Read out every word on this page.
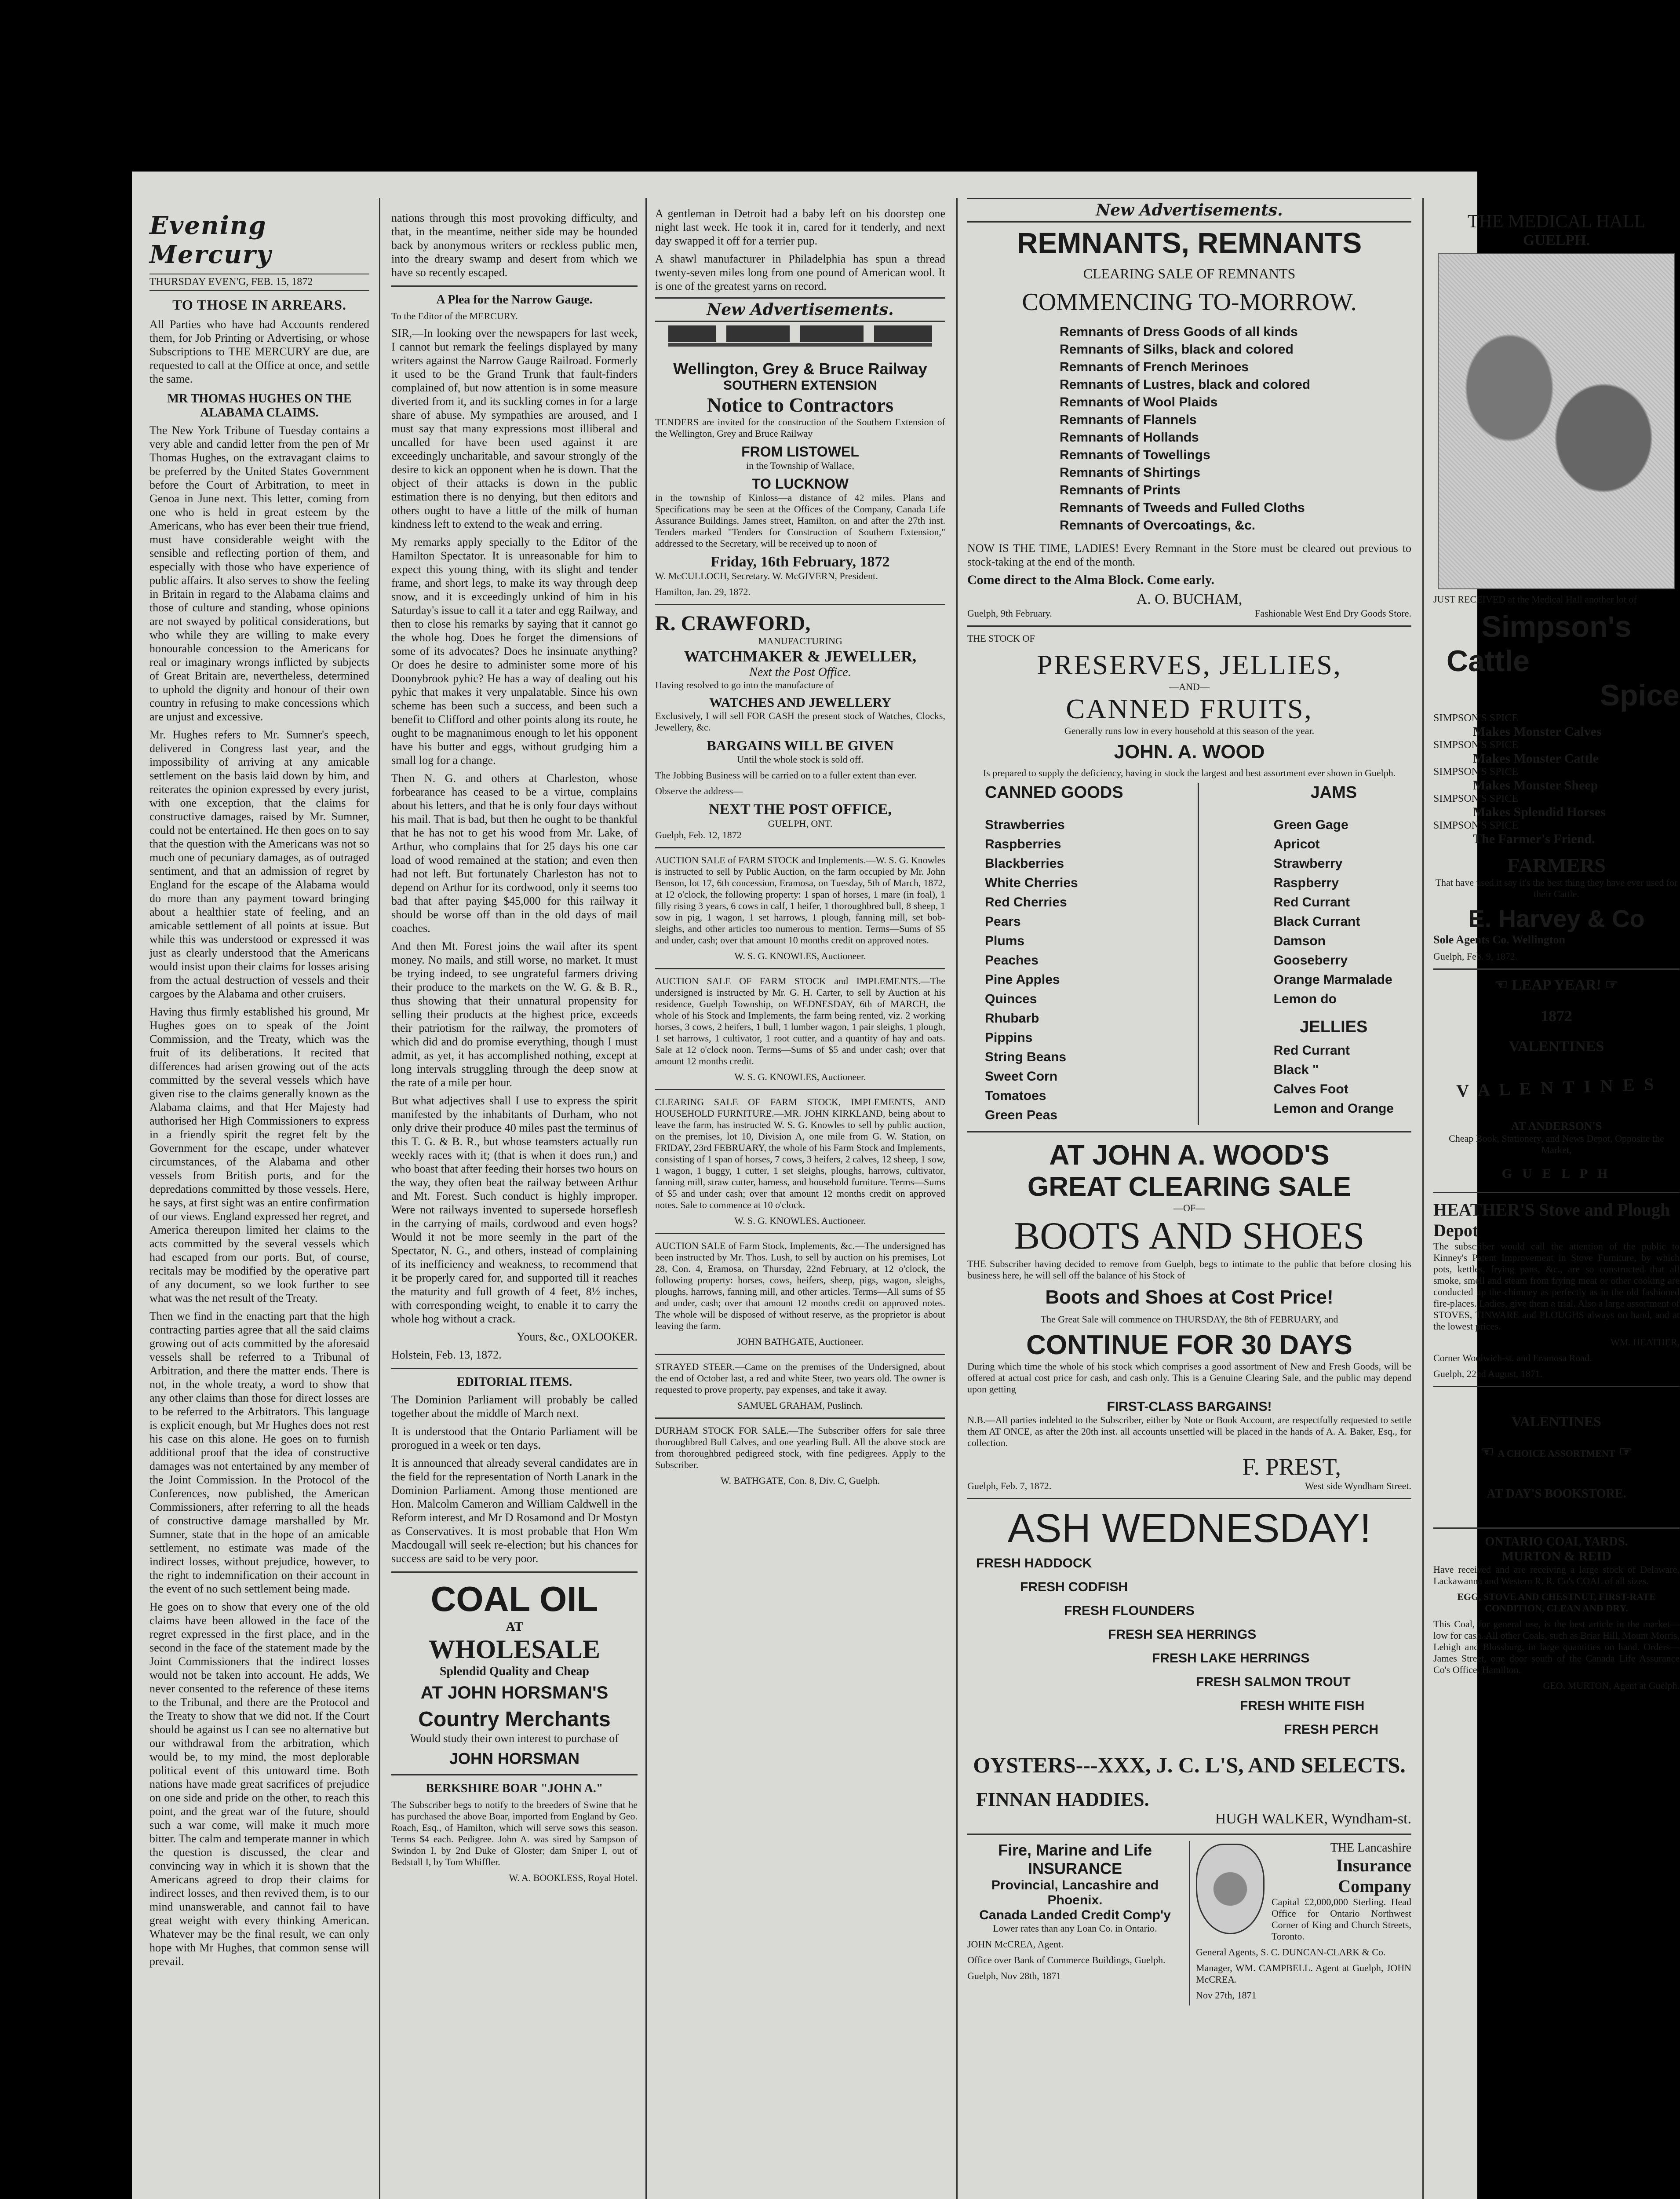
Evening Mercury
THURSDAY EVEN'G, FEB. 15, 1872
TO THOSE IN ARREARS.

All Parties who have had Accounts rendered them, for Job Printing or Advertising, or whose Subscriptions to THE MERCURY are due, are requested to call at the Office at once, and settle the same.

MR THOMAS HUGHES ON THE ALABAMA CLAIMS.

The New York Tribune of Tuesday contains a very able and candid letter from the pen of Mr Thomas Hughes, on the extravagant claims to be preferred by the United States Government before the Court of Arbitration, to meet in Genoa in June next. This letter, coming from one who is held in great esteem by the Americans, who has ever been their true friend, must have considerable weight with the sensible and reflecting portion of them, and especially with those who have experience of public affairs. It also serves to show the feeling in Britain in regard to the Alabama claims and those of culture and standing, whose opinions are not swayed by political considerations, but who while they are willing to make every honourable concession to the Americans for real or imaginary wrongs inflicted by subjects of Great Britain are, nevertheless, determined to uphold the dignity and honour of their own country in refusing to make concessions which are unjust and excessive.

Mr. Hughes refers to Mr. Sumner's speech, delivered in Congress last year, and the impossibility of arriving at any amicable settlement on the basis laid down by him, and reiterates the opinion expressed by every jurist, with one exception, that the claims for constructive damages, raised by Mr. Sumner, could not be entertained. He then goes on to say that the question with the Americans was not so much one of pecuniary damages, as of outraged sentiment, and that an admission of regret by England for the escape of the Alabama would do more than any payment toward bringing about a healthier state of feeling, and an amicable settlement of all points at issue. But while this was understood or expressed it was just as clearly understood that the Americans would insist upon their claims for losses arising from the actual destruction of vessels and their cargoes by the Alabama and other cruisers.

Having thus firmly established his ground, Mr Hughes goes on to speak of the Joint Commission, and the Treaty, which was the fruit of its deliberations. It recited that differences had arisen growing out of the acts committed by the several vessels which have given rise to the claims generally known as the Alabama claims, and that Her Majesty had authorised her High Commissioners to express in a friendly spirit the regret felt by the Government for the escape, under whatever circumstances, of the Alabama and other vessels from British ports, and for the depredations committed by those vessels. Here, he says, at first sight was an entire confirmation of our views. England expressed her regret, and America thereupon limited her claims to the acts committed by the several vessels which had escaped from our ports. But, of course, recitals may be modified by the operative part of any document, so we look further to see what was the net result of the Treaty.

Then we find in the enacting part that the high contracting parties agree that all the said claims growing out of acts committed by the aforesaid vessels shall be referred to a Tribunal of Arbitration, and there the matter ends. There is not, in the whole treaty, a word to show that any other claims than those for direct losses are to be referred to the Arbitrators. This language is explicit enough, but Mr Hughes does not rest his case on this alone. He goes on to furnish additional proof that the idea of constructive damages was not entertained by any member of the Joint Commission. In the Protocol of the Conferences, now published, the American Commissioners, after referring to all the heads of constructive damage marshalled by Mr. Sumner, state that in the hope of an amicable settlement, no estimate was made of the indirect losses, without prejudice, however, to the right to indemnification on their account in the event of no such settlement being made.

He goes on to show that every one of the old claims have been allowed in the face of the regret expressed in the first place, and in the second in the face of the statement made by the Joint Commissioners that the indirect losses would not be taken into account. He adds, We never consented to the reference of these items to the Tribunal, and there are the Protocol and the Treaty to show that we did not. If the Court should be against us I can see no alternative but our withdrawal from the arbitration, which would be, to my mind, the most deplorable political event of this untoward time. Both nations have made great sacrifices of prejudice on one side and pride on the other, to reach this point, and the great war of the future, should such a war come, will make it much more bitter. The calm and temperate manner in which the question is discussed, the clear and convincing way in which it is shown that the Americans agreed to drop their claims for indirect losses, and then revived them, is to our mind unanswerable, and cannot fail to have great weight with every thinking American. Whatever may be the final result, we can only hope with Mr Hughes, that common sense will prevail.

nations through this most provoking difficulty, and that, in the meantime, neither side may be hounded back by anonymous writers or reckless public men, into the dreary swamp and desert from which we have so recently escaped.

A Plea for the Narrow Gauge.

To the Editor of the MERCURY.

SIR,—In looking over the newspapers for last week, I cannot but remark the feelings displayed by many writers against the Narrow Gauge Railroad. Formerly it used to be the Grand Trunk that fault-finders complained of, but now attention is in some measure diverted from it, and its suckling comes in for a large share of abuse. My sympathies are aroused, and I must say that many expressions most illiberal and uncalled for have been used against it are exceedingly uncharitable, and savour strongly of the desire to kick an opponent when he is down. That the object of their attacks is down in the public estimation there is no denying, but then editors and others ought to have a little of the milk of human kindness left to extend to the weak and erring.

My remarks apply specially to the Editor of the Hamilton Spectator. It is unreasonable for him to expect this young thing, with its slight and tender frame, and short legs, to make its way through deep snow, and it is exceedingly unkind of him in his Saturday's issue to call it a tater and egg Railway, and then to close his remarks by saying that it cannot go the whole hog. Does he forget the dimensions of some of its advocates? Does he insinuate anything? Or does he desire to administer some more of his Doonybrook pyhic? He has a way of dealing out his pyhic that makes it very unpalatable. Since his own scheme has been such a success, and been such a benefit to Clifford and other points along its route, he ought to be magnanimous enough to let his opponent have his butter and eggs, without grudging him a small log for a change.

Then N. G. and others at Charleston, whose forbearance has ceased to be a virtue, complains about his letters, and that he is only four days without his mail. That is bad, but then he ought to be thankful that he has not to get his wood from Mr. Lake, of Arthur, who complains that for 25 days his one car load of wood remained at the station; and even then had not left. But fortunately Charleston has not to depend on Arthur for its cordwood, only it seems too bad that after paying $45,000 for this railway it should be worse off than in the old days of mail coaches.

And then Mt. Forest joins the wail after its spent money. No mails, and still worse, no market. It must be trying indeed, to see ungrateful farmers driving their produce to the markets on the W. G. & B. R., thus showing that their unnatural propensity for selling their products at the highest price, exceeds their patriotism for the railway, the promoters of which did and do promise everything, though I must admit, as yet, it has accomplished nothing, except at long intervals struggling through the deep snow at the rate of a mile per hour.

But what adjectives shall I use to express the spirit manifested by the inhabitants of Durham, who not only drive their produce 40 miles past the terminus of this T. G. & B. R., but whose teamsters actually run weekly races with it; (that is when it does run,) and who boast that after feeding their horses two hours on the way, they often beat the railway between Arthur and Mt. Forest. Such conduct is highly improper. Were not railways invented to supersede horseflesh in the carrying of mails, cordwood and even hogs? Would it not be more seemly in the part of the Spectator, N. G., and others, instead of complaining of its inefficiency and weakness, to recommend that it be properly cared for, and supported till it reaches the maturity and full growth of 4 feet, 8½ inches, with corresponding weight, to enable it to carry the whole hog without a crack.

Yours, &c., OXLOOKER.

Holstein, Feb. 13, 1872.

EDITORIAL ITEMS.

The Dominion Parliament will probably be called together about the middle of March next.

It is understood that the Ontario Parliament will be prorogued in a week or ten days.

It is announced that already several candidates are in the field for the representation of North Lanark in the Dominion Parliament. Among those mentioned are Hon. Malcolm Cameron and William Caldwell in the Reform interest, and Mr D Rosamond and Dr Mostyn as Conservatives. It is most probable that Hon Wm Macdougall will seek re-election; but his chances for success are said to be very poor.

COAL OIL
AT
WHOLESALE
Splendid Quality and Cheap
AT JOHN HORSMAN'S
Country Merchants

Would study their own interest to purchase of

JOHN HORSMAN
BERKSHIRE BOAR "JOHN A."

The Subscriber begs to notify to the breeders of Swine that he has purchased the above Boar, imported from England by Geo. Roach, Esq., of Hamilton, which will serve sows this season. Terms $4 each. Pedigree. John A. was sired by Sampson of Swindon I, by 2nd Duke of Gloster; dam Sniper I, out of Bedstall I, by Tom Whiffler.

W. A. BOOKLESS, Royal Hotel.

A gentleman in Detroit had a baby left on his doorstep one night last week. He took it in, cared for it tenderly, and next day swapped it off for a terrier pup.

A shawl manufacturer in Philadelphia has spun a thread twenty-seven miles long from one pound of American wool. It is one of the greatest yarns on record.

New Advertisements.
Wellington, Grey & Bruce Railway
SOUTHERN EXTENSION
Notice to Contractors

TENDERS are invited for the construction of the Southern Extension of the Wellington, Grey and Bruce Railway

FROM LISTOWEL

in the Township of Wallace,

TO LUCKNOW

in the township of Kinloss—a distance of 42 miles. Plans and Specifications may be seen at the Offices of the Company, Canada Life Assurance Buildings, James street, Hamilton, on and after the 27th inst. Tenders marked "Tenders for Construction of Southern Extension," addressed to the Secretary, will be received up to noon of

Friday, 16th February, 1872

W. McCULLOCH, Secretary. W. McGIVERN, President.

Hamilton, Jan. 29, 1872.

R. CRAWFORD,
MANUFACTURING
WATCHMAKER & JEWELLER,
Next the Post Office.

Having resolved to go into the manufacture of

WATCHES AND JEWELLERY

Exclusively, I will sell FOR CASH the present stock of Watches, Clocks, Jewellery, &c.

BARGAINS WILL BE GIVEN

Until the whole stock is sold off.

The Jobbing Business will be carried on to a fuller extent than ever.

Observe the address—

NEXT THE POST OFFICE,
GUELPH, ONT.

Guelph, Feb. 12, 1872

AUCTION SALE of FARM STOCK and Implements.—W. S. G. Knowles is instructed to sell by Public Auction, on the farm occupied by Mr. John Benson, lot 17, 6th concession, Eramosa, on Tuesday, 5th of March, 1872, at 12 o'clock, the following property: 1 span of horses, 1 mare (in foal), 1 filly rising 3 years, 6 cows in calf, 1 heifer, 1 thoroughbred bull, 8 sheep, 1 sow in pig, 1 wagon, 1 set harrows, 1 plough, fanning mill, set bob-sleighs, and other articles too numerous to mention. Terms—Sums of $5 and under, cash; over that amount 10 months credit on approved notes.

W. S. G. KNOWLES, Auctioneer.

AUCTION SALE OF FARM STOCK and IMPLEMENTS.—The undersigned is instructed by Mr. G. H. Carter, to sell by Auction at his residence, Guelph Township, on WEDNESDAY, 6th of MARCH, the whole of his Stock and Implements, the farm being rented, viz. 2 working horses, 3 cows, 2 heifers, 1 bull, 1 lumber wagon, 1 pair sleighs, 1 plough, 1 set harrows, 1 cultivator, 1 root cutter, and a quantity of hay and oats. Sale at 12 o'clock noon. Terms—Sums of $5 and under cash; over that amount 12 months credit.

W. S. G. KNOWLES, Auctioneer.

CLEARING SALE OF FARM STOCK, IMPLEMENTS, AND HOUSEHOLD FURNITURE.—MR. JOHN KIRKLAND, being about to leave the farm, has instructed W. S. G. Knowles to sell by public auction, on the premises, lot 10, Division A, one mile from G. W. Station, on FRIDAY, 23rd FEBRUARY, the whole of his Farm Stock and Implements, consisting of 1 span of horses, 7 cows, 3 heifers, 2 calves, 12 sheep, 1 sow, 1 wagon, 1 buggy, 1 cutter, 1 set sleighs, ploughs, harrows, cultivator, fanning mill, straw cutter, harness, and household furniture. Terms—Sums of $5 and under cash; over that amount 12 months credit on approved notes. Sale to commence at 10 o'clock.

W. S. G. KNOWLES, Auctioneer.

AUCTION SALE of Farm Stock, Implements, &c.—The undersigned has been instructed by Mr. Thos. Lush, to sell by auction on his premises, Lot 28, Con. 4, Eramosa, on Thursday, 22nd February, at 12 o'clock, the following property: horses, cows, heifers, sheep, pigs, wagon, sleighs, ploughs, harrows, fanning mill, and other articles. Terms—All sums of $5 and under, cash; over that amount 12 months credit on approved notes. The whole will be disposed of without reserve, as the proprietor is about leaving the farm.

JOHN BATHGATE, Auctioneer.

STRAYED STEER.—Came on the premises of the Undersigned, about the end of October last, a red and white Steer, two years old. The owner is requested to prove property, pay expenses, and take it away.

SAMUEL GRAHAM, Puslinch.

DURHAM STOCK FOR SALE.—The Subscriber offers for sale three thoroughbred Bull Calves, and one yearling Bull. All the above stock are from thoroughbred pedigreed stock, with fine pedigrees. Apply to the Subscriber.

W. BATHGATE, Con. 8, Div. C, Guelph.

New Advertisements.
REMNANTS, REMNANTS
CLEARING SALE OF REMNANTS
COMMENCING TO-MORROW.
Remnants of Dress Goods of all kinds
Remnants of Silks, black and colored
Remnants of French Merinoes
Remnants of Lustres, black and colored
Remnants of Wool Plaids
Remnants of Flannels
Remnants of Hollands
Remnants of Towellings
Remnants of Shirtings
Remnants of Prints
Remnants of Tweeds and Fulled Cloths
Remnants of Overcoatings, &c.

NOW IS THE TIME, LADIES! Every Remnant in the Store must be cleared out previous to stock-taking at the end of the month.

Come direct to the Alma Block. Come early.

A. O. BUCHAM,
Guelph, 9th February.	Fashionable West End Dry Goods Store.

THE STOCK OF

PRESERVES, JELLIES,
—AND—
CANNED FRUITS,

Generally runs low in every household at this season of the year.

JOHN. A. WOOD

Is prepared to supply the deficiency, having in stock the largest and best assortment ever shown in Guelph.

CANNED GOODS
Strawberries
Raspberries
Blackberries
White Cherries
Red Cherries
Pears
Plums
Peaches
Pine Apples
Quinces
Rhubarb
Pippins
String Beans
Sweet Corn
Tomatoes
Green Peas
JAMS
Green Gage
Apricot
Strawberry
Raspberry
Red Currant
Black Currant
Damson
Gooseberry
Orange Marmalade
Lemon do
JELLIES
Red Currant
Black "
Calves Foot
Lemon and Orange
AT JOHN A. WOOD'S
GREAT CLEARING SALE
—OF—
BOOTS AND SHOES

THE Subscriber having decided to remove from Guelph, begs to intimate to the public that before closing his business here, he will sell off the balance of his Stock of

Boots and Shoes at Cost Price!

The Great Sale will commence on THURSDAY, the 8th of FEBRUARY, and

CONTINUE FOR 30 DAYS

During which time the whole of his stock which comprises a good assortment of New and Fresh Goods, will be offered at actual cost price for cash, and cash only. This is a Genuine Clearing Sale, and the public may depend upon getting

FIRST-CLASS BARGAINS!

N.B.—All parties indebted to the Subscriber, either by Note or Book Account, are respectfully requested to settle them AT ONCE, as after the 20th inst. all accounts unsettled will be placed in the hands of A. A. Baker, Esq., for collection.

F. PREST,
Guelph, Feb. 7, 1872.	West side Wyndham Street.
ASH WEDNESDAY!
FRESH HADDOCK
FRESH CODFISH
FRESH FLOUNDERS
FRESH SEA HERRINGS
FRESH LAKE HERRINGS
FRESH SALMON TROUT
FRESH WHITE FISH
FRESH PERCH
OYSTERS---XXX, J. C. L'S, AND SELECTS.
FINNAN HADDIES.
HUGH WALKER, Wyndham-st.
Fire, Marine and Life INSURANCE
Provincial, Lancashire and Phoenix.
Canada Landed Credit Comp'y

Lower rates than any Loan Co. in Ontario.

JOHN McCREA, Agent.

Office over Bank of Commerce Buildings, Guelph.

Guelph, Nov 28th, 1871

THE Lancashire
Insurance Company

Capital £2,000,000 Sterling. Head Office for Ontario Northwest Corner of King and Church Streets, Toronto.

General Agents, S. C. DUNCAN-CLARK & Co.

Manager, WM. CAMPBELL. Agent at Guelph, JOHN McCREA.

Nov 27th, 1871

THE MEDICAL HALL
GUELPH.

JUST RECEIVED at the Medical Hall another lot of

Simpson's
Cattle
Spice
SIMPSON'S SPICE
Makes Monster Calves
SIMPSON'S SPICE
Makes Monster Cattle
SIMPSON'S SPICE
Makes Monster Sheep
SIMPSON'S SPICE
Makes Splendid Horses
SIMPSON'S SPICE
The Farmer's Friend.
FARMERS

That have used it say it's the best thing they have ever used for their Cattle.

E. Harvey & Co

Sole Agents Co. Wellington

Guelph, Feb. 9, 1872.

☜ LEAP YEAR! ☞
1872
VALENTINES
V A L E N T I N E S
AT ANDERSON'S

Cheap Book, Stationery, and News Depot, Opposite the Market,

G U E L P H
HEATHER'S Stove and Plough Depot

The subscriber would call the attention of the public to Kinney's Patent Improvement in Stove Furniture, by which pots, kettles, frying pans, &c., are so constructed that all smoke, smell and steam from frying meat or other cooking are conducted up the chimney as perfectly as in the old fashioned fire-places. Ladies, give them a trial. Also a large assortment of STOVES, TINWARE and PLOUGHS always on hand, and at the lowest prices.

WM. HEATHER,

Corner Woolwich-st. and Eramosa Road.

Guelph, 22nd August, 1871.

VALENTINES
☜ A CHOICE ASSORTMENT ☞
AT DAY'S BOOKSTORE.
ONTARIO COAL YARDS.
MURTON & REID

Have received and are receiving a large stock of Delaware, Lackawanna and Western R. R. Co's COAL of all sizes.

EGG, STOVE AND CHESTNUT, FIRST-RATE CONDITION, CLEAN AND DRY.

This Coal, for general use, is the best article in the market—low for cash. All other Coals, such as Briar Hill, Mount Morris, Lehigh and Blossburg, in large quantities on hand. Orders—James Street, one door south of the Canada Life Assurance Co's Office, Hamilton.

GEO. MURTON, Agent at Guelph.
